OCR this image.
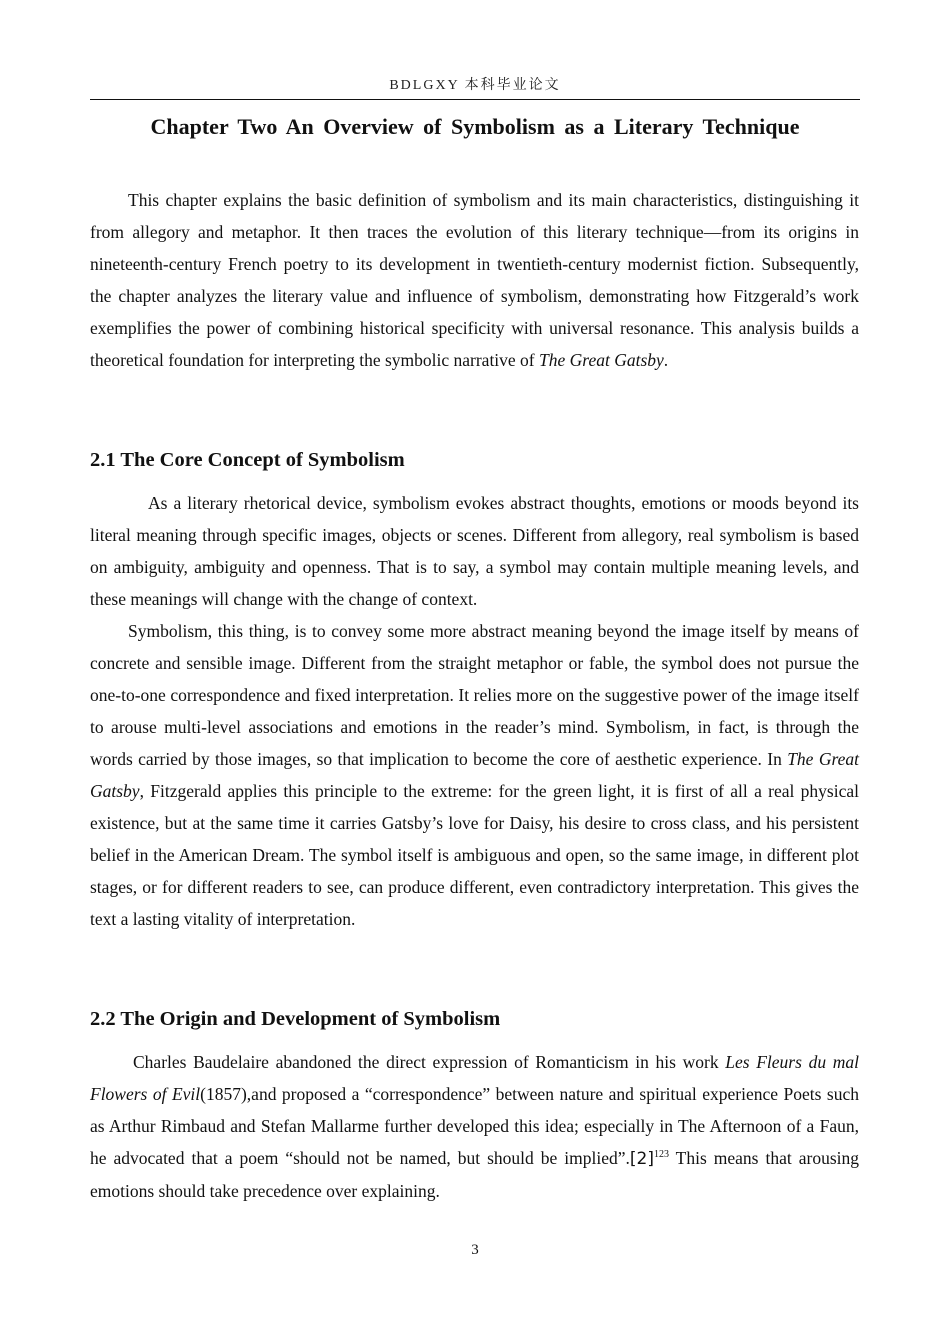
BDLGXY 本科毕业论文
Chapter Two An Overview of Symbolism as a Literary Technique

This chapter explains the basic definition of symbolism and its main characteristics, distinguishing it from allegory and metaphor. It then traces the evolution of this literary technique—from its origins in nineteenth-century French poetry to its development in twentieth-century modernist fiction. Subsequently, the chapter analyzes the literary value and influence of symbolism, demonstrating how Fitzgerald’s work exemplifies the power of combining historical specificity with universal resonance. This analysis builds a theoretical foundation for interpreting the symbolic narrative of The Great Gatsby.

2.1 The Core Concept of Symbolism

As a literary rhetorical device, symbolism evokes abstract thoughts, emotions or moods beyond its literal meaning through specific images, objects or scenes. Different from allegory, real symbolism is based on ambiguity, ambiguity and openness. That is to say, a symbol may contain multiple meaning levels, and these meanings will change with the change of context.

Symbolism, this thing, is to convey some more abstract meaning beyond the image itself by means of concrete and sensible image. Different from the straight metaphor or fable, the symbol does not pursue the one-to-one correspondence and fixed interpretation. It relies more on the suggestive power of the image itself to arouse multi-level associations and emotions in the reader’s mind. Symbolism, in fact, is through the words carried by those images, so that implication to become the core of aesthetic experience. In The Great Gatsby, Fitzgerald applies this principle to the extreme: for the green light, it is first of all a real physical existence, but at the same time it carries Gatsby’s love for Daisy, his desire to cross class, and his persistent belief in the American Dream. The symbol itself is ambiguous and open, so the same image, in different plot stages, or for different readers to see, can produce different, even contradictory interpretation. This gives the text a lasting vitality of interpretation.

2.2 The Origin and Development of Symbolism

Charles Baudelaire abandoned the direct expression of Romanticism in his work Les Fleurs du mal Flowers of Evil(1857),and proposed a “correspondence” between nature and spiritual experience Poets such as Arthur Rimbaud and Stefan Mallarme further developed this idea; especially in The Afternoon of a Faun, he advocated that a poem “should not be named, but should be $implied”.[2]^{123}$ This means that arousing emotions should take precedence over explaining.

3
